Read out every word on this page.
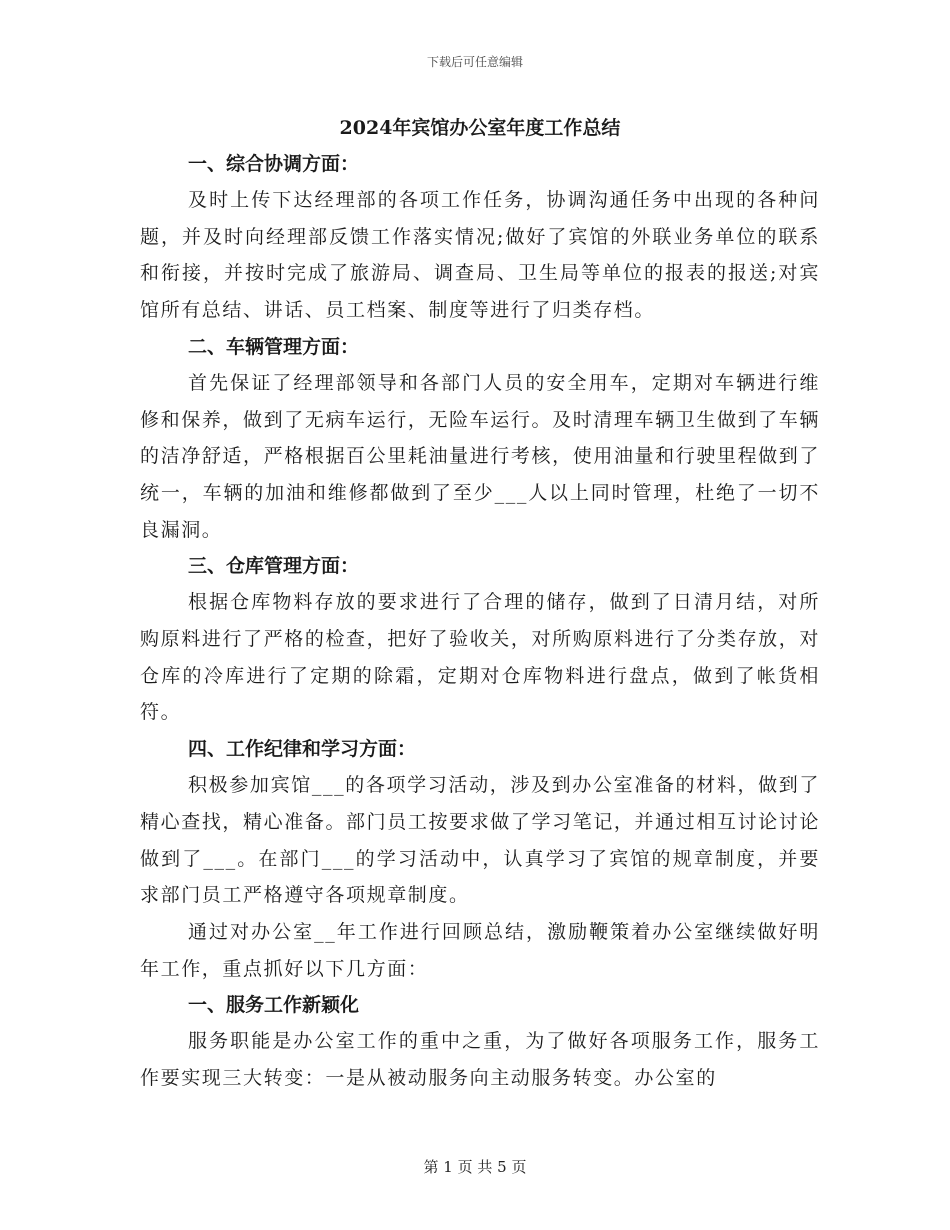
下载后可任意编辑
2024年宾馆办公室年度工作总结
一、综合协调方面：

及时上传下达经理部的各项工作任务，协调沟通任务中出现的各种问题，并及时向经理部反馈工作落实情况;做好了宾馆的外联业务单位的联系和衔接，并按时完成了旅游局、调查局、卫生局等单位的报表的报送;对宾馆所有总结、讲话、员工档案、制度等进行了归类存档。

二、车辆管理方面：

首先保证了经理部领导和各部门人员的安全用车，定期对车辆进行维修和保养，做到了无病车运行，无险车运行。及时清理车辆卫生做到了车辆的洁净舒适，严格根据百公里耗油量进行考核，使用油量和行驶里程做到了统一，车辆的加油和维修都做到了至少___人以上同时管理，杜绝了一切不良漏洞。

三、仓库管理方面：

根据仓库物料存放的要求进行了合理的储存，做到了日清月结，对所购原料进行了严格的检查，把好了验收关，对所购原料进行了分类存放，对仓库的冷库进行了定期的除霜，定期对仓库物料进行盘点，做到了帐货相符。

四、工作纪律和学习方面：

积极参加宾馆___的各项学习活动，涉及到办公室准备的材料，做到了精心查找，精心准备。部门员工按要求做了学习笔记，并通过相互讨论讨论做到了___。在部门___的学习活动中，认真学习了宾馆的规章制度，并要求部门员工严格遵守各项规章制度。

通过对办公室__年工作进行回顾总结，激励鞭策着办公室继续做好明年工作，重点抓好以下几方面：

一、服务工作新颖化

服务职能是办公室工作的重中之重，为了做好各项服务工作，服务工作要实现三大转变：一是从被动服务向主动服务转变。办公室的

第 1 页 共 5 页
